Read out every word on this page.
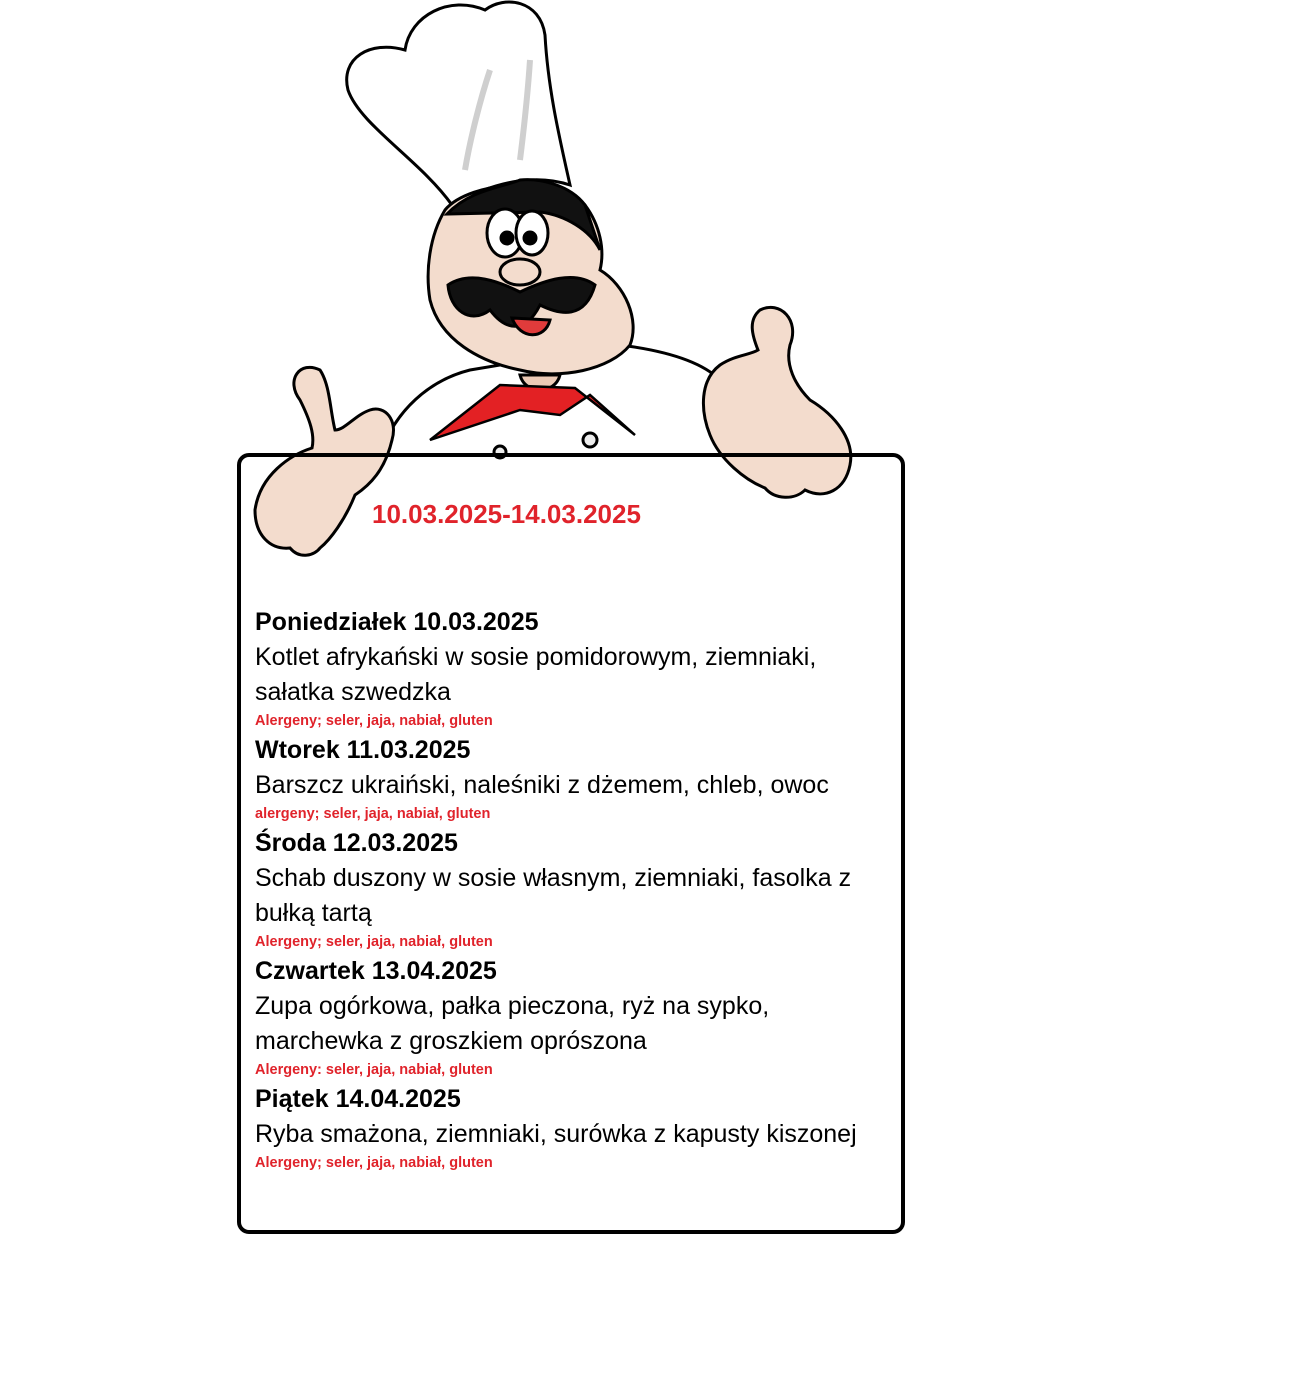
10.03.2025-14.03.2025
Poniedziałek 10.03.2025
Kotlet afrykański w sosie pomidorowym, ziemniaki, sałatka szwedzka
Alergeny; seler, jaja, nabiał, gluten
Wtorek 11.03.2025
Barszcz ukraiński, naleśniki z dżemem, chleb, owoc
alergeny; seler, jaja, nabiał, gluten
Środa 12.03.2025
Schab duszony w sosie własnym, ziemniaki, fasolka z bułką tartą
Alergeny; seler, jaja, nabiał, gluten
Czwartek 13.04.2025
Zupa ogórkowa, pałka pieczona, ryż na sypko, marchewka z groszkiem oprószona
Alergeny: seler, jaja, nabiał, gluten
Piątek 14.04.2025
Ryba smażona, ziemniaki, surówka z kapusty kiszonej
Alergeny; seler, jaja, nabiał, gluten
